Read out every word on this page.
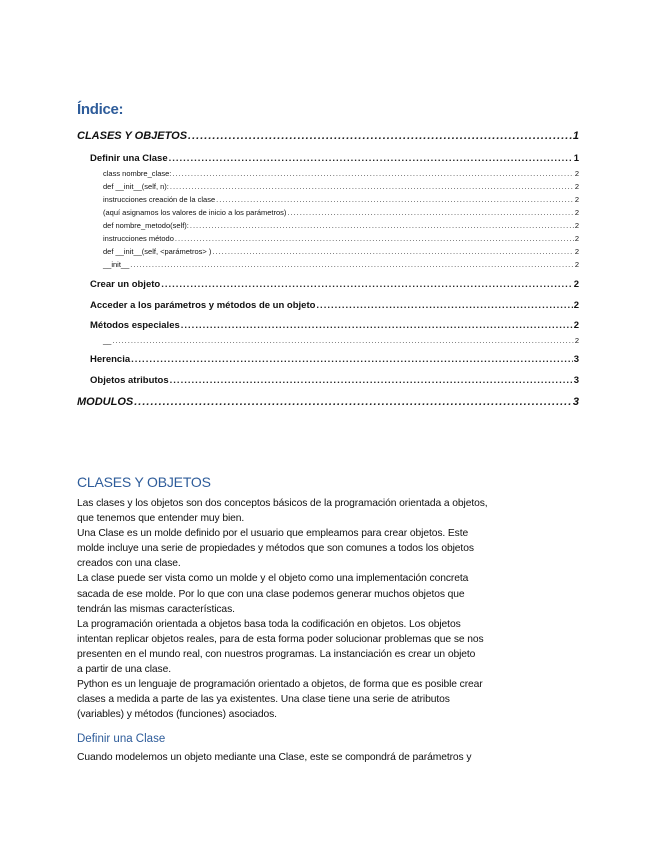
Índice:
CLASES Y OBJETOS .....	1
Definir una Clase .....	1
class nombre_clase: .....	2
def __init__(self, n): .....	2
instrucciones creación de la clase .....	2
(aquí asignamos los valores de inicio a los parámetros) .....	2
def nombre_metodo(self): .....	2
instrucciones método .....	2
def __init__(self, <parámetros> ) .....	2
__init__ .....	2
Crear un objeto .....	2
Acceder a los parámetros y métodos de un objeto .....	2
Métodos especiales .....	2
__ .....	2
Herencia .....	3
Objetos atributos .....	3
MODULOS .....	3
CLASES Y OBJETOS
Las clases y los objetos son dos conceptos básicos de la programación orientada a objetos,
que tenemos que entender muy bien.
Una Clase es un molde definido por el usuario que empleamos para crear objetos. Este
molde incluye una serie de propiedades y métodos que son comunes a todos los objetos
creados con una clase.
La clase puede ser vista como un molde y el objeto como una implementación concreta
sacada de ese molde. Por lo que con una clase podemos generar muchos objetos que
tendrán las mismas características.
La programación orientada a objetos basa toda la codificación en objetos. Los objetos
intentan replicar objetos reales, para de esta forma poder solucionar problemas que se nos
presenten en el mundo real, con nuestros programas. La instanciación es crear un objeto
a partir de una clase.
Python es un lenguaje de programación orientado a objetos, de forma que es posible crear
clases a medida a parte de las ya existentes. Una clase tiene una serie de atributos
(variables) y métodos (funciones) asociados.
Definir una Clase
Cuando modelemos un objeto mediante una Clase, este se compondrá de parámetros y
